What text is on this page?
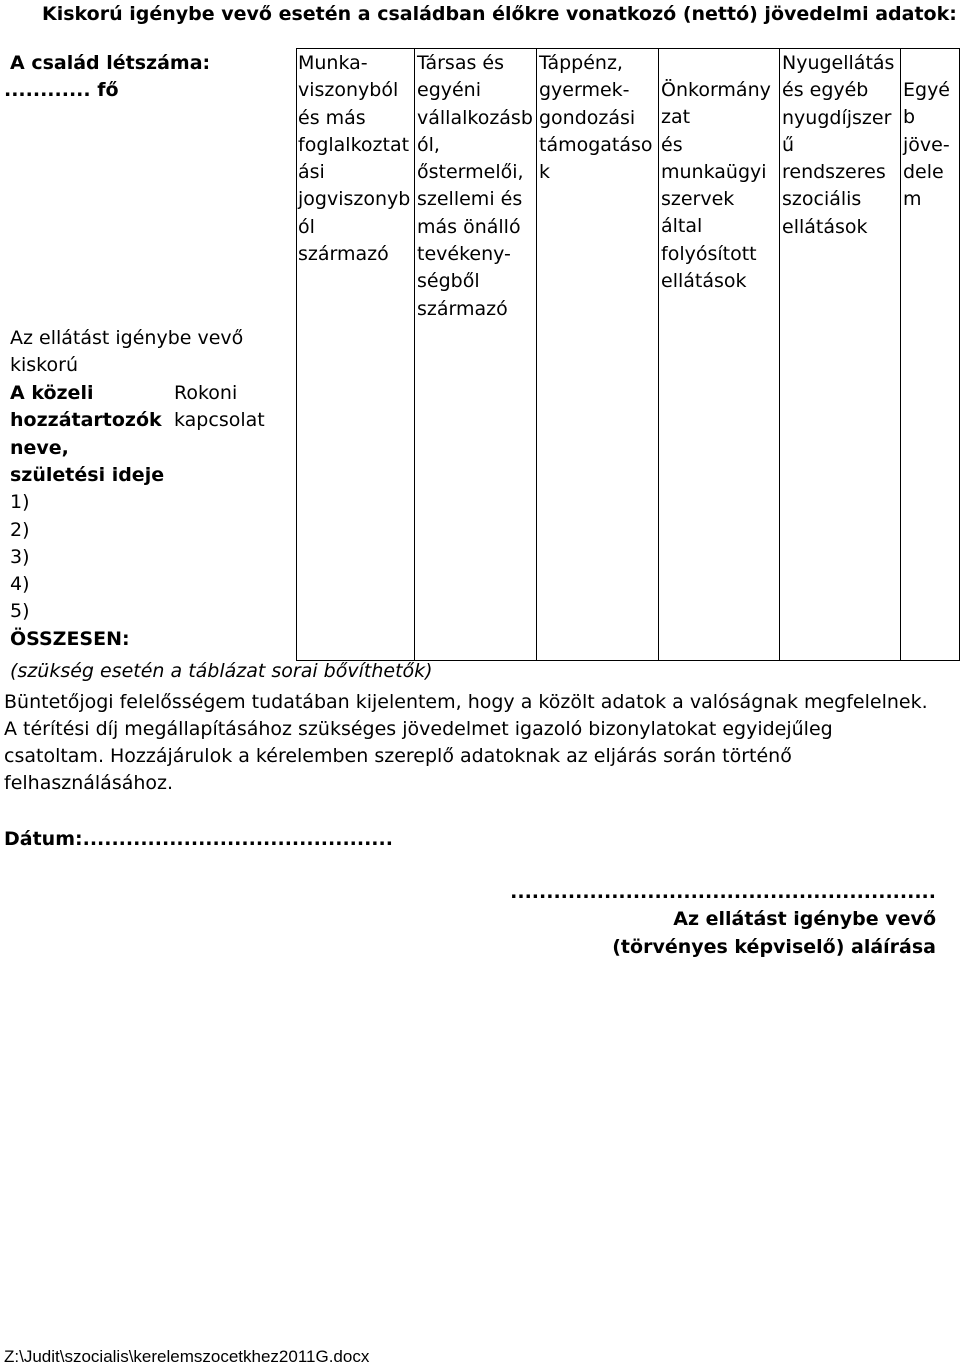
Kiskorú igénybe vevő esetén a családban élőkre vonatkozó (nettó) jövedelmi adatok:
A család létszáma:
............ fő
Munka-
viszonyból
és más
foglalkoztat
ási
jogviszonyb
ól
származó
Társas és
egyéni
vállalkozásb
ól,
őstermelői,
szellemi és
más önálló
tevékeny-
ségből
származó
Táppénz,
gyermek-
gondozási
támogatáso
k
Önkormány
zat
és
munkaügyi
szervek által
folyósított
ellátások
Nyugellátás
és egyéb
nyugdíjszer
ű
rendszeres
szociális
ellátások
Egyé
b
jöve-
dele
m
Az ellátást igénybe vevő
kiskorú
A közeli
hozzátartozók
neve,
születési ideje
Rokoni
kapcsolat
1)
2)
3)
4)
5)
ÖSSZESEN:
(szükség esetén a táblázat sorai bővíthetők)
Büntetőjogi felelősségem tudatában kijelentem, hogy a közölt adatok a valóságnak megfelelnek.
A térítési díj megállapításához szükséges jövedelmet igazoló bizonylatokat egyidejűleg
csatoltam. Hozzájárulok a kérelemben szereplő adatoknak az eljárás során történő
felhasználásához.
Dátum:...........................................
...........................................................
Az ellátást igénybe vevő
(törvényes képviselő) aláírása
Z:\Judit\szocialis\kerelemszocetkhez2011G.docx
